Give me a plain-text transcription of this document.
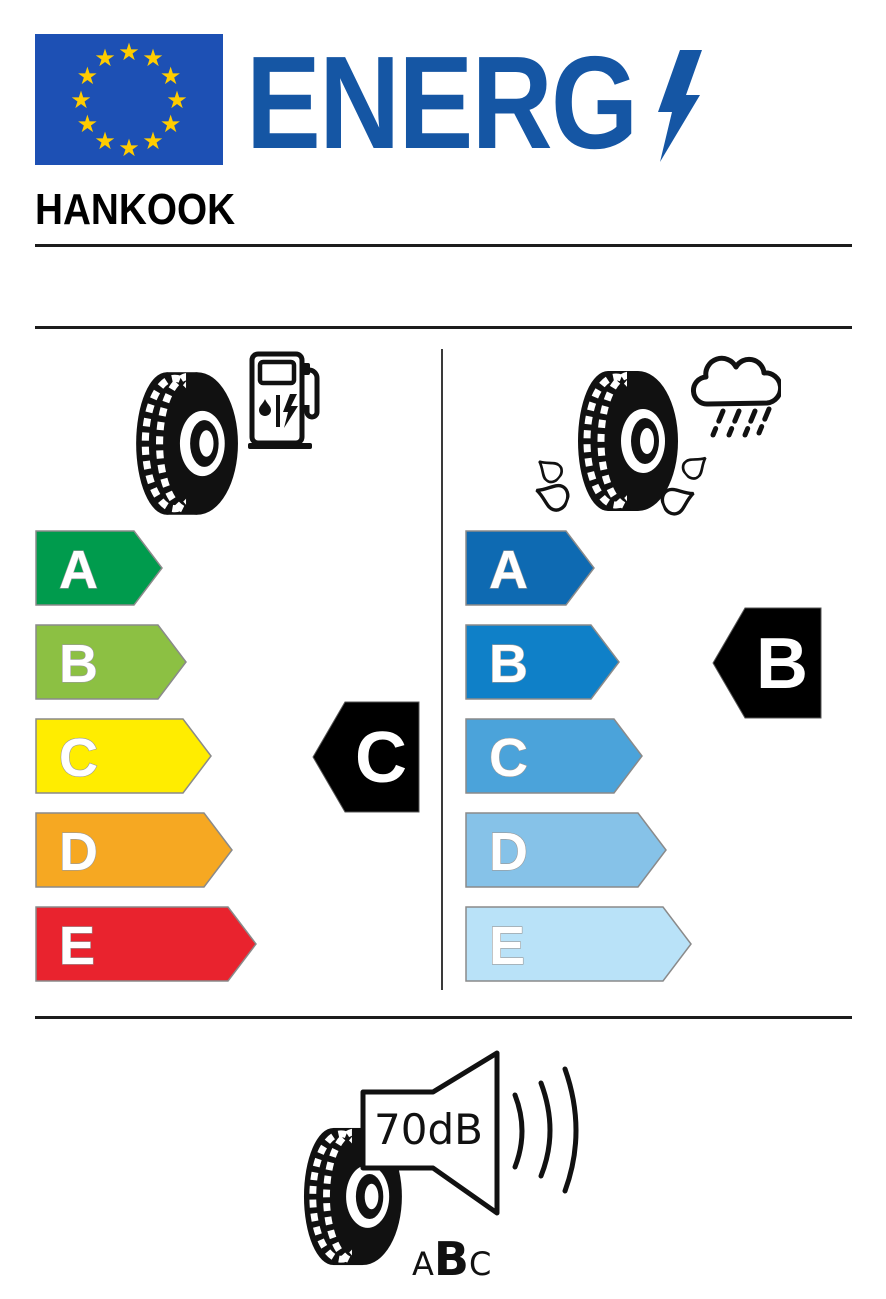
★ ★
★
★
★
★
★
★
★
★
★
★ ENERG
HANKOOK
A
B
C
D
E
C
A
B
C
D
E
B
70dB
ABC
